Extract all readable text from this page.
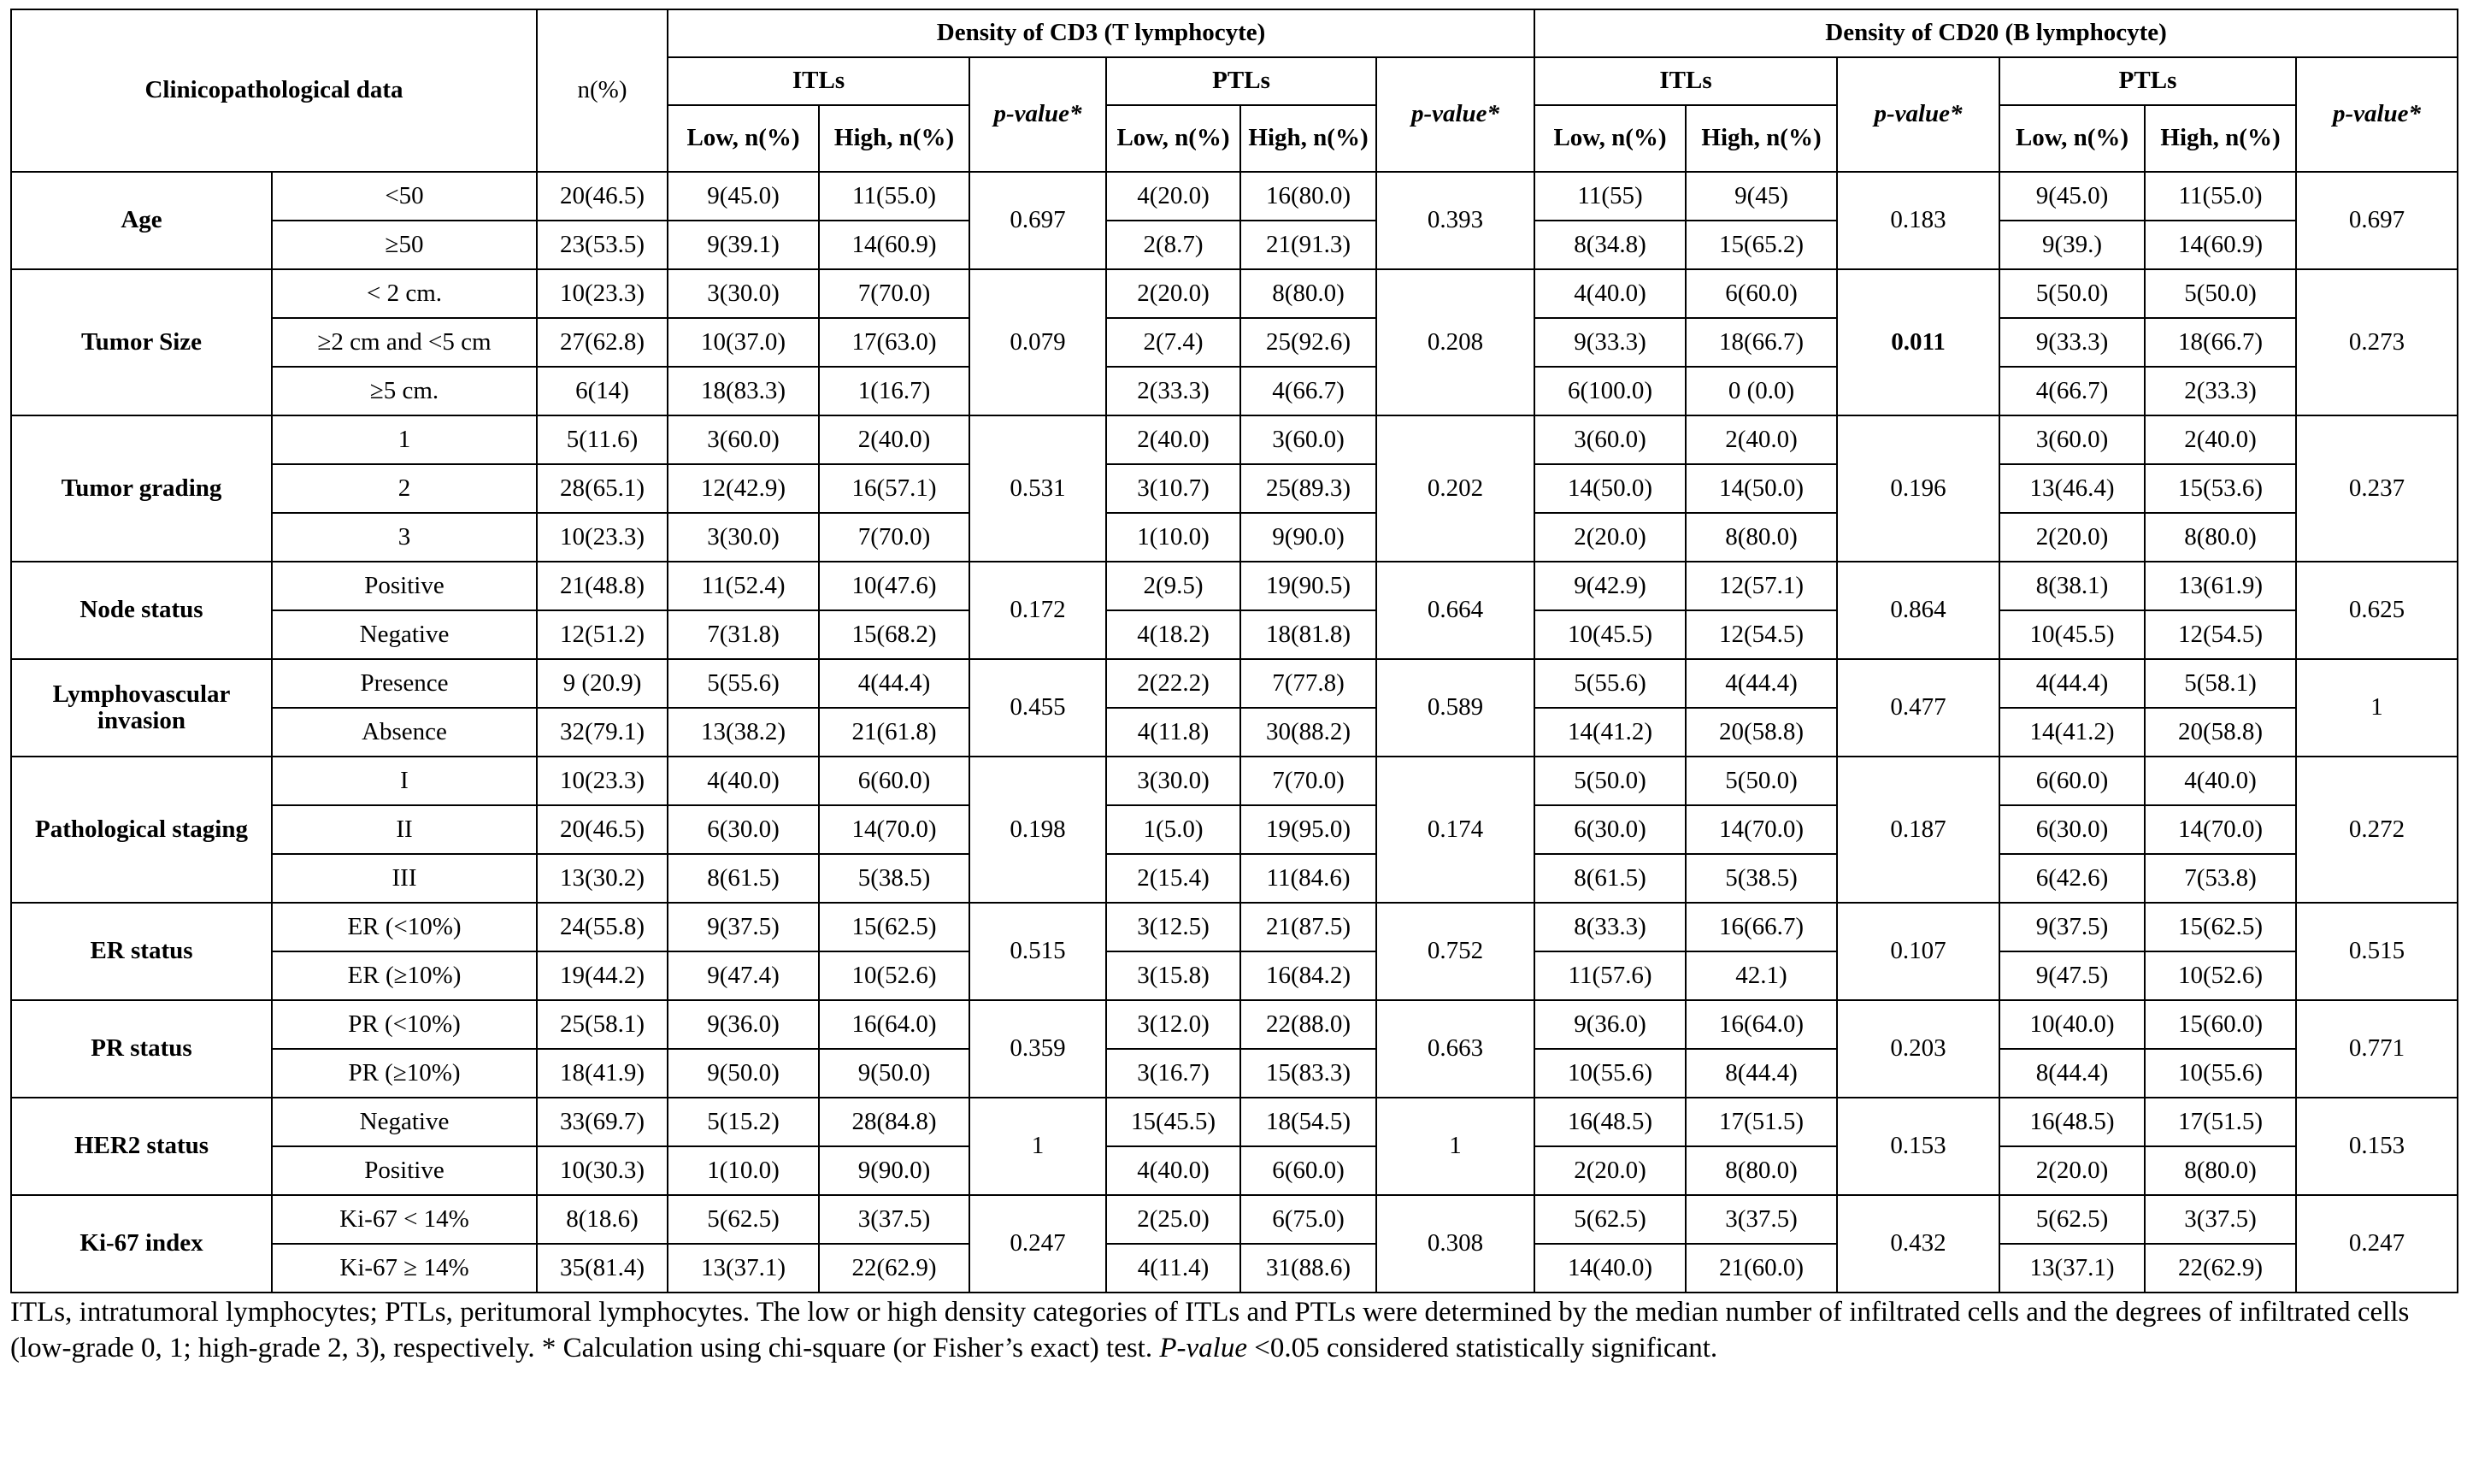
Clinicopathological data		n(%)	Density of CD3 (T lymphocyte)						Density of CD20 (B lymphocyte)					
			ITLs		p-value*	PTLs		p-value*	ITLs		p-value*	PTLs		p-value*
			Low, n(%)	High, n(%)		Low, n(%)	High, n(%)		Low, n(%)	High, n(%)		Low, n(%)	High, n(%)	
Age	<50	20(46.5)	9(45.0)	11(55.0)	0.697	4(20.0)	16(80.0)	0.393	11(55)	9(45)	0.183	9(45.0)	11(55.0)	0.697
	≥50	23(53.5)	9(39.1)	14(60.9)		2(8.7)	21(91.3)		8(34.8)	15(65.2)		9(39.)	14(60.9)	
Tumor Size	< 2 cm.	10(23.3)	3(30.0)	7(70.0)	0.079	2(20.0)	8(80.0)	0.208	4(40.0)	6(60.0)	0.011	5(50.0)	5(50.0)	0.273
	≥2 cm and <5 cm	27(62.8)	10(37.0)	17(63.0)		2(7.4)	25(92.6)		9(33.3)	18(66.7)		9(33.3)	18(66.7)	
	≥5 cm.	6(14)	18(83.3)	1(16.7)		2(33.3)	4(66.7)		6(100.0)	0 (0.0)		4(66.7)	2(33.3)	
Tumor grading	1	5(11.6)	3(60.0)	2(40.0)	0.531	2(40.0)	3(60.0)	0.202	3(60.0)	2(40.0)	0.196	3(60.0)	2(40.0)	0.237
	2	28(65.1)	12(42.9)	16(57.1)		3(10.7)	25(89.3)		14(50.0)	14(50.0)		13(46.4)	15(53.6)	
	3	10(23.3)	3(30.0)	7(70.0)		1(10.0)	9(90.0)		2(20.0)	8(80.0)		2(20.0)	8(80.0)	
Node status	Positive	21(48.8)	11(52.4)	10(47.6)	0.172	2(9.5)	19(90.5)	0.664	9(42.9)	12(57.1)	0.864	8(38.1)	13(61.9)	0.625
	Negative	12(51.2)	7(31.8)	15(68.2)		4(18.2)	18(81.8)		10(45.5)	12(54.5)		10(45.5)	12(54.5)	
Lymphovascular invasion	Presence	9 (20.9)	5(55.6)	4(44.4)	0.455	2(22.2)	7(77.8)	0.589	5(55.6)	4(44.4)	0.477	4(44.4)	5(58.1)	1
	Absence	32(79.1)	13(38.2)	21(61.8)		4(11.8)	30(88.2)		14(41.2)	20(58.8)		14(41.2)	20(58.8)	
Pathological staging	I	10(23.3)	4(40.0)	6(60.0)	0.198	3(30.0)	7(70.0)	0.174	5(50.0)	5(50.0)	0.187	6(60.0)	4(40.0)	0.272
	II	20(46.5)	6(30.0)	14(70.0)		1(5.0)	19(95.0)		6(30.0)	14(70.0)		6(30.0)	14(70.0)	
	III	13(30.2)	8(61.5)	5(38.5)		2(15.4)	11(84.6)		8(61.5)	5(38.5)		6(42.6)	7(53.8)	
ER status	ER (<10%)	24(55.8)	9(37.5)	15(62.5)	0.515	3(12.5)	21(87.5)	0.752	8(33.3)	16(66.7)	0.107	9(37.5)	15(62.5)	0.515
	ER (≥10%)	19(44.2)	9(47.4)	10(52.6)		3(15.8)	16(84.2)		11(57.6)	42.1)		9(47.5)	10(52.6)	
PR status	PR (<10%)	25(58.1)	9(36.0)	16(64.0)	0.359	3(12.0)	22(88.0)	0.663	9(36.0)	16(64.0)	0.203	10(40.0)	15(60.0)	0.771
	PR (≥10%)	18(41.9)	9(50.0)	9(50.0)		3(16.7)	15(83.3)		10(55.6)	8(44.4)		8(44.4)	10(55.6)	
HER2 status	Negative	33(69.7)	5(15.2)	28(84.8)	1	15(45.5)	18(54.5)	1	16(48.5)	17(51.5)	0.153	16(48.5)	17(51.5)	0.153
	Positive	10(30.3)	1(10.0)	9(90.0)		4(40.0)	6(60.0)		2(20.0)	8(80.0)		2(20.0)	8(80.0)	
Ki-67 index	Ki-67 < 14%	8(18.6)	5(62.5)	3(37.5)	0.247	2(25.0)	6(75.0)	0.308	5(62.5)	3(37.5)	0.432	5(62.5)	3(37.5)	0.247
	Ki-67 ≥ 14%	35(81.4)	13(37.1)	22(62.9)		4(11.4)	31(88.6)		14(40.0)	21(60.0)		13(37.1)	22(62.9)	
ITLs, intratumoral lymphocytes; PTLs, peritumoral lymphocytes. The low or high density categories of ITLs and PTLs were determined by the median number of infiltrated cells and the degrees of infiltrated cells (low-grade 0, 1; high-grade 2, 3), respectively. * Calculation using chi-square (or Fisher’s exact) test. P-value <0.05 considered statistically significant.
